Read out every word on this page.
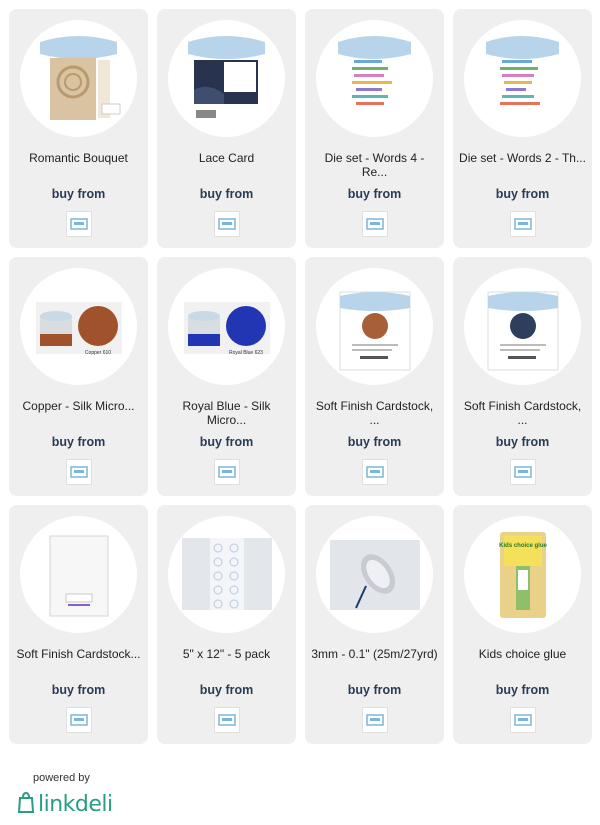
Romantic Bouquet
buy from
Lace Card
buy from
Die set - Words 4 - Re...
buy from
Die set - Words 2 - Th...
buy from
Copper 610
Copper - Silk Micro...
buy from
Royal Blue 623
Royal Blue - Silk Micro...
buy from
Soft Finish Cardstock, ...
buy from
Soft Finish Cardstock, ...
buy from
Soft Finish Cardstock...
buy from
5" x 12" - 5 pack
buy from
3mm - 0.1" (25m/27yrd)
buy from
Kids choice glue
Kids choice glue
buy from
powered by
linkdeli
